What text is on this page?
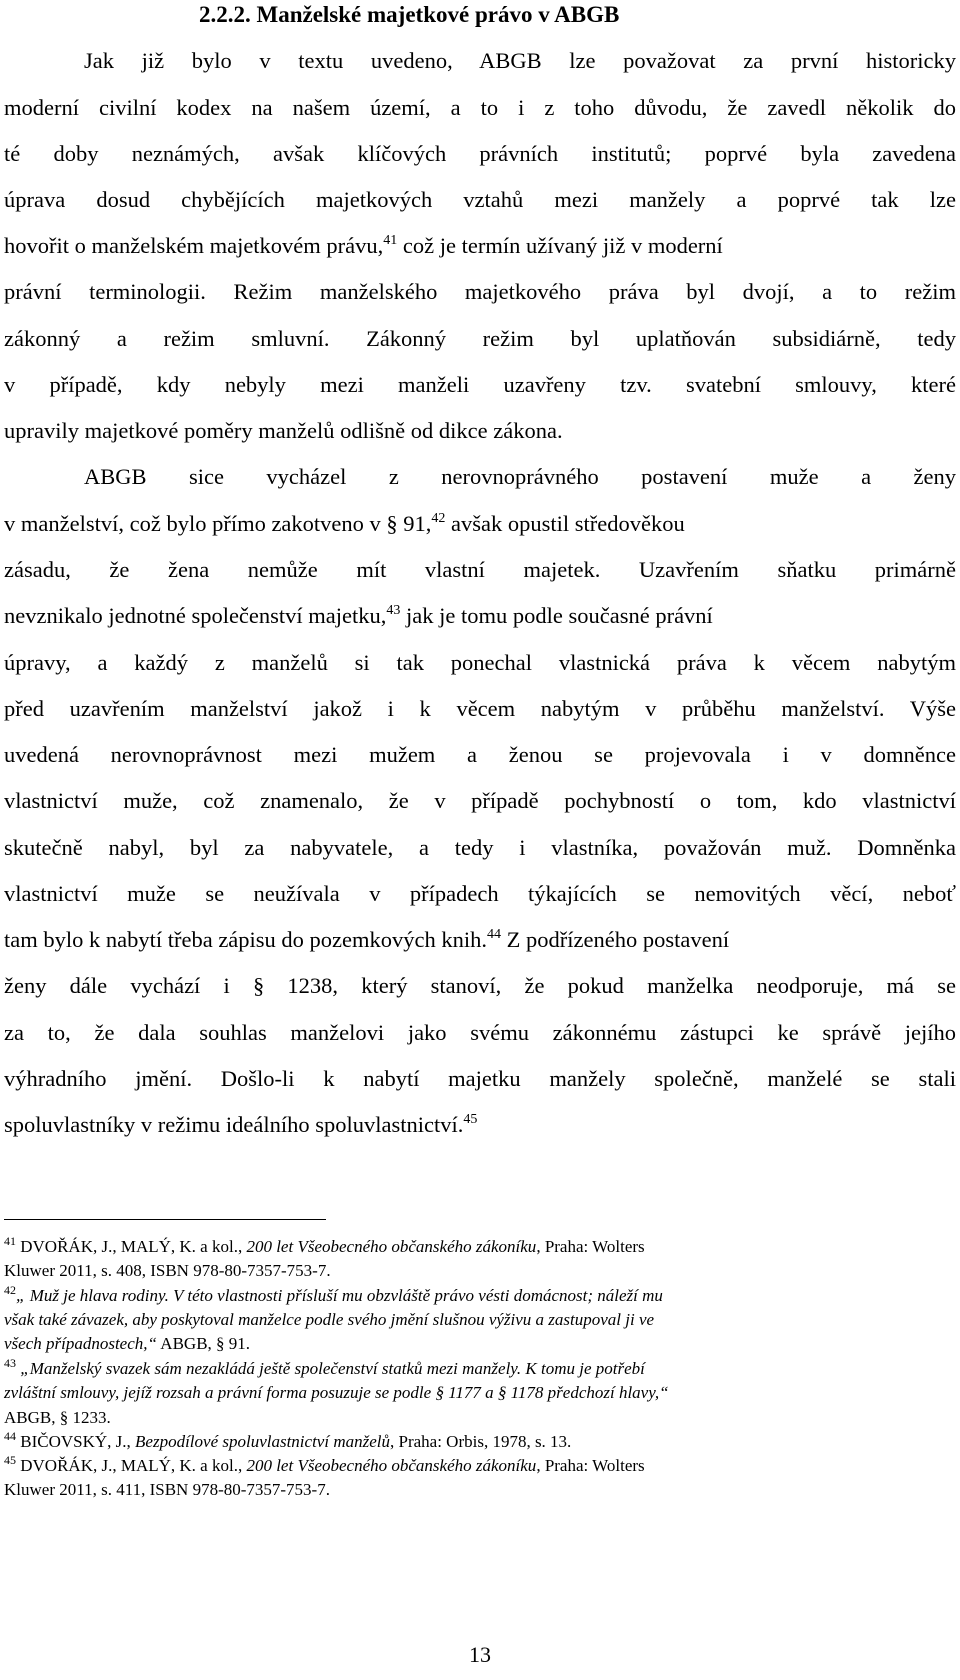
2.2.2. Manželské majetkové právo v ABGB
Jak již bylo v textu uvedeno, ABGB lze považovat za první historicky
moderní civilní kodex na našem území, a to i z toho důvodu, že zavedl několik do
té doby neznámých, avšak klíčových právních institutů; poprvé byla zavedena
úprava dosud chybějících majetkových vztahů mezi manžely a poprvé tak lze
hovořit o manželském majetkovém právu,$^{41}$ což je termín užívaný již v moderní
právní terminologii. Režim manželského majetkového práva byl dvojí, a to režim
zákonný a režim smluvní. Zákonný režim byl uplatňován subsidiárně, tedy
v případě, kdy nebyly mezi manželi uzavřeny tzv. svatební smlouvy, které
upravily majetkové poměry manželů odlišně od dikce zákona.
ABGB sice vycházel z nerovnoprávného postavení muže a ženy
v manželství, což bylo přímo zakotveno v § 91,42 avšak opustil středověkou
zásadu, že žena nemůže mít vlastní majetek. Uzavřením sňatku primárně
nevznikalo jednotné společenství majetku,$^{43}$ jak je tomu podle současné právní
úpravy, a každý z manželů si tak ponechal vlastnická práva k věcem nabytým
před uzavřením manželství jakož i k věcem nabytým v průběhu manželství. Výše
uvedená nerovnoprávnost mezi mužem a ženou se projevovala i v domněnce
vlastnictví muže, což znamenalo, že v případě pochybností o tom, kdo vlastnictví
skutečně nabyl, byl za nabyvatele, a tedy i vlastníka, považován muž. Domněnka
vlastnictví muže se neužívala v případech týkajících se nemovitých věcí, neboť
tam bylo k nabytí třeba zápisu do pozemkových knih.$^{44}$ Z podřízeného postavení
ženy dále vychází i § 1238, který stanoví, že pokud manželka neodporuje, má se
za to, že dala souhlas manželovi jako svému zákonnému zástupci ke správě jejího
výhradního jmění. Došlo-li k nabytí majetku manžely společně, manželé se stali
spoluvlastníky v režimu ideálního spoluvlastnictví.$^{45}$
$^{41}$ DVOŘÁK, J., MALÝ, K. a kol., 200 let Všeobecného občanského zákoníku, Praha: Wolters
Kluwer 2011, s. 408, ISBN 978-80-7357-753-7.
$^{42}$„ Muž je hlava rodiny. V této vlastnosti přísluší mu obzvláště právo vésti domácnost; náleží mu
však také závazek, aby poskytoval manželce podle svého jmění slušnou výživu a zastupoval ji ve
všech případnostech,“ ABGB, § 91.
$^{43}$ „Manželský svazek sám nezakládá ještě společenství statků mezi manžely. K tomu je potřebí
zvláštní smlouvy, jejíž rozsah a právní forma posuzuje se podle § 1177 a § 1178 předchozí hlavy,“
ABGB, § 1233.
$^{44}$ BIČOVSKÝ, J., Bezpodílové spoluvlastnictví manželů, Praha: Orbis, 1978, s. 13.
$^{45}$ DVOŘÁK, J., MALÝ, K. a kol., 200 let Všeobecného občanského zákoníku, Praha: Wolters
Kluwer 2011, s. 411, ISBN 978-80-7357-753-7.
13
